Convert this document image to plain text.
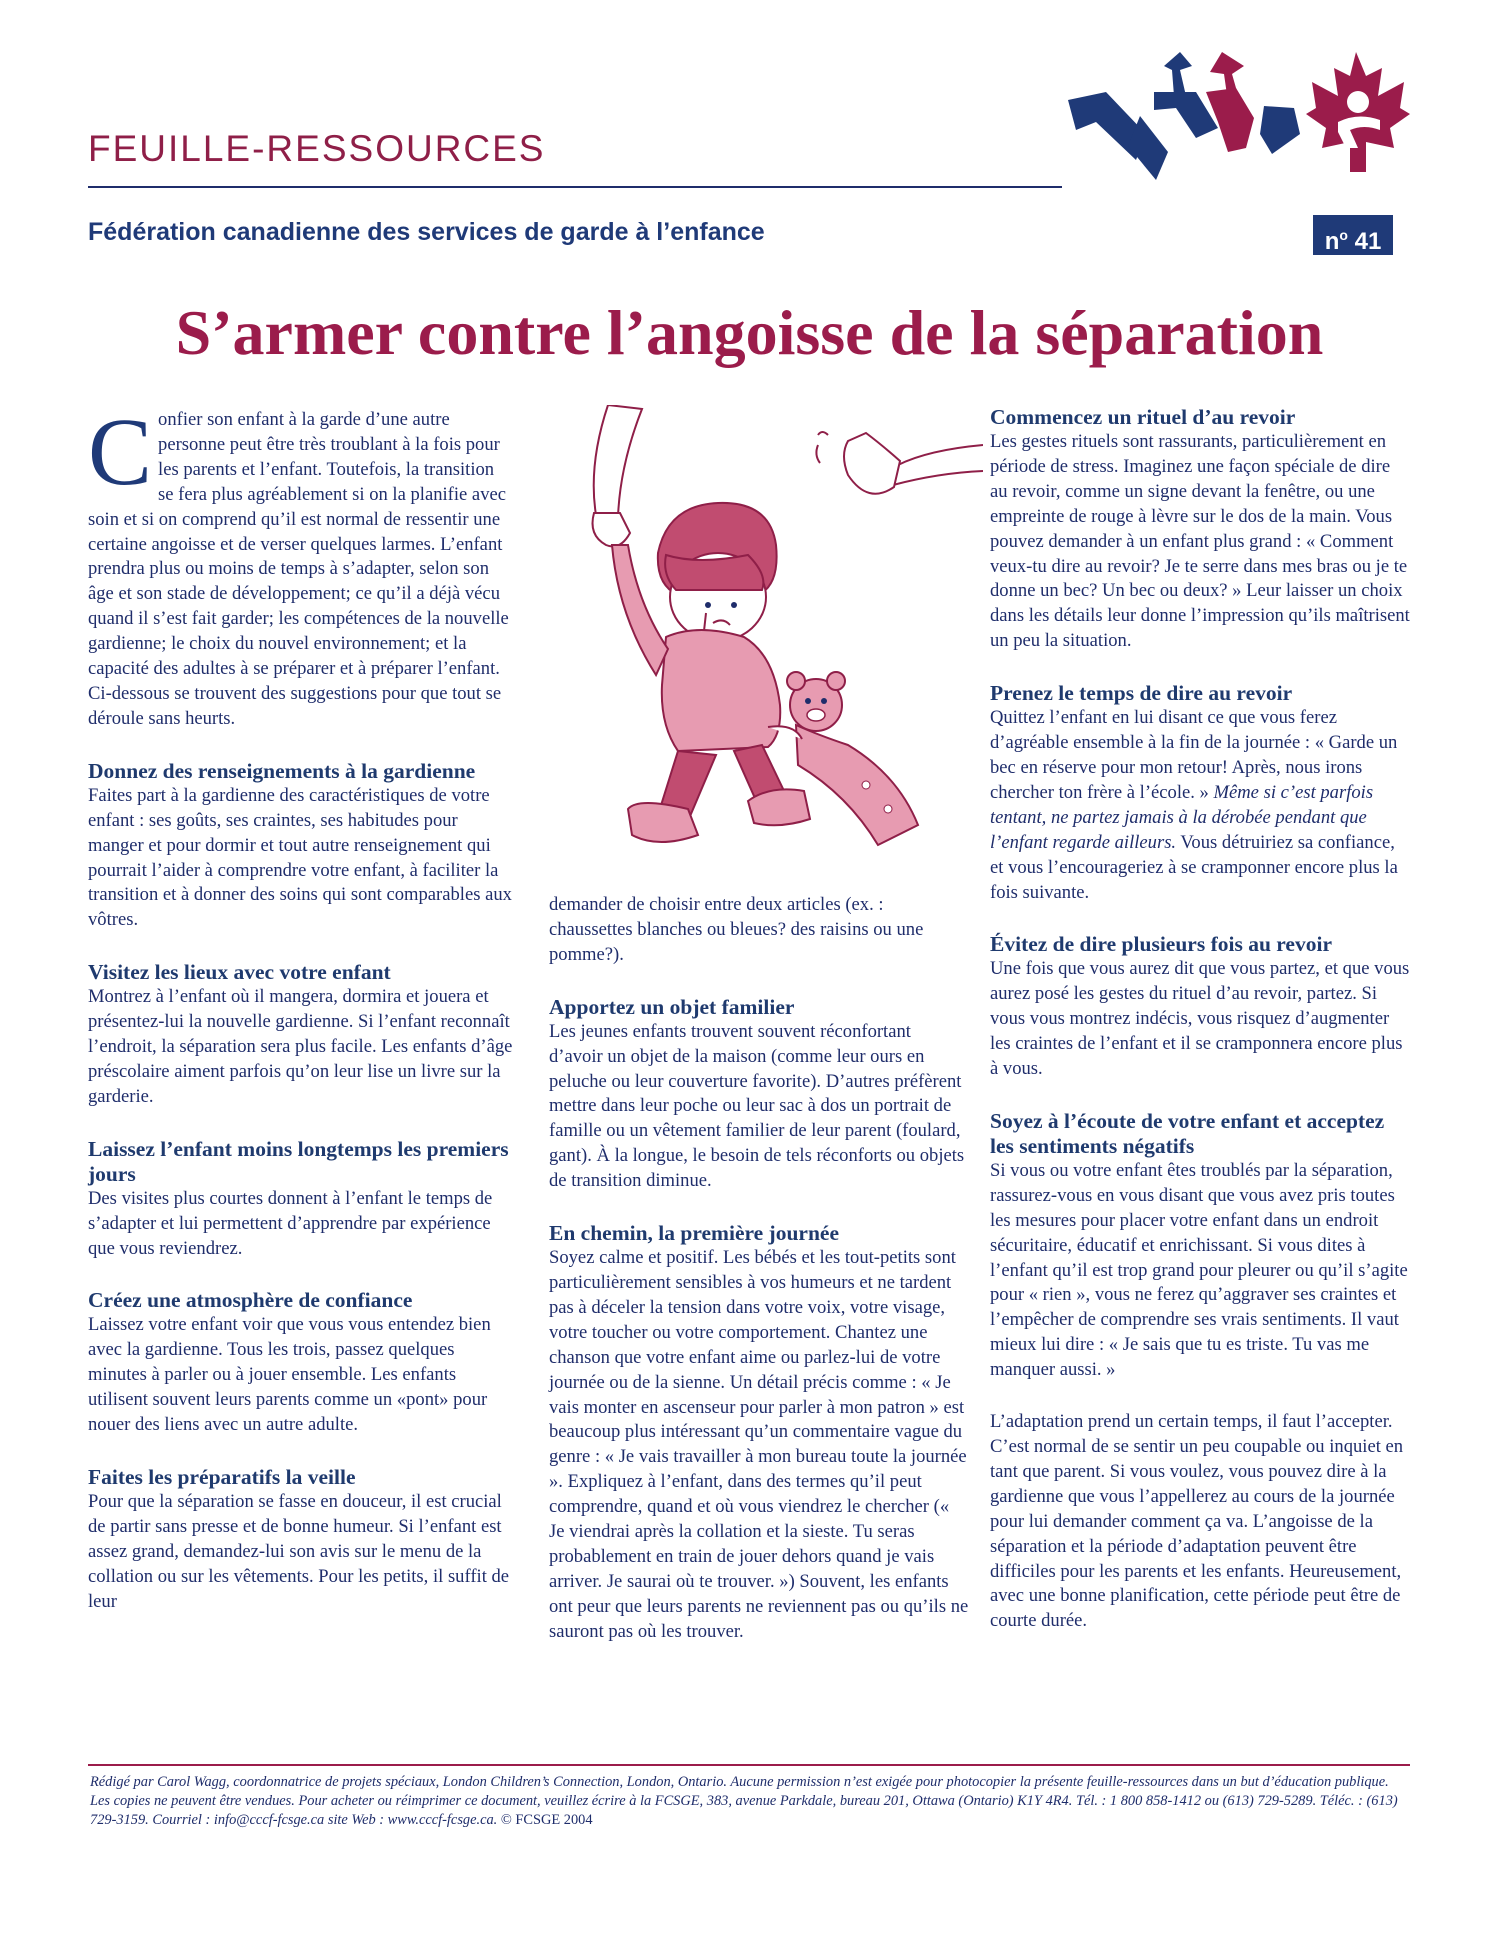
FEUILLE-RESSOURCES
Fédération canadienne des services de garde à l’enfance	$n^o$ 41
S’armer contre l’angoisse de la séparation

Confier son enfant à la garde d’une autre personne peut être très troublant à la fois pour les parents et l’enfant. Toutefois, la transition se fera plus agréablement si on la planifie avec soin et si on comprend qu’il est normal de ressentir une certaine angoisse et de verser quelques larmes. L’enfant prendra plus ou moins de temps à s’adapter, selon son âge et son stade de développement; ce qu’il a déjà vécu quand il s’est fait garder; les compétences de la nouvelle gardienne; le choix du nouvel environnement; et la capacité des adultes à se préparer et à préparer l’enfant. Ci-dessous se trouvent des suggestions pour que tout se déroule sans heurts.

Donnez des renseignements à la gardienne

Faites part à la gardienne des caractéristiques de votre enfant : ses goûts, ses craintes, ses habitudes pour manger et pour dormir et tout autre renseignement qui pourrait l’aider à comprendre votre enfant, à faciliter la transition et à donner des soins qui sont comparables aux vôtres.

Visitez les lieux avec votre enfant

Montrez à l’enfant où il mangera, dormira et jouera et présentez-lui la nouvelle gardienne. Si l’enfant reconnaît l’endroit, la séparation sera plus facile. Les enfants d’âge préscolaire aiment parfois qu’on leur lise un livre sur la garderie.

Laissez l’enfant moins longtemps les premiers jours

Des visites plus courtes donnent à l’enfant le temps de s’adapter et lui permettent d’apprendre par expérience que vous reviendrez.

Créez une atmosphère de confiance

Laissez votre enfant voir que vous vous entendez bien avec la gardienne. Tous les trois, passez quelques minutes à parler ou à jouer ensemble. Les enfants utilisent souvent leurs parents comme un «pont» pour nouer des liens avec un autre adulte.

Faites les préparatifs la veille

Pour que la séparation se fasse en douceur, il est crucial de partir sans presse et de bonne humeur. Si l’enfant est assez grand, demandez-lui son avis sur le menu de la collation ou sur les vêtements. Pour les petits, il suffit de leur

demander de choisir entre deux articles (ex. : chaussettes blanches ou bleues? des raisins ou une pomme?).

Apportez un objet familier

Les jeunes enfants trouvent souvent réconfortant d’avoir un objet de la maison (comme leur ours en peluche ou leur couverture favorite). D’autres préfèrent mettre dans leur poche ou leur sac à dos un portrait de famille ou un vêtement familier de leur parent (foulard, gant). À la longue, le besoin de tels réconforts ou objets de transition diminue.

En chemin, la première journée

Soyez calme et positif. Les bébés et les tout-petits sont particulièrement sensibles à vos humeurs et ne tardent pas à déceler la tension dans votre voix, votre visage, votre toucher ou votre comportement. Chantez une chanson que votre enfant aime ou parlez-lui de votre journée ou de la sienne. Un détail précis comme : « Je vais monter en ascenseur pour parler à mon patron » est beaucoup plus intéressant qu’un commentaire vague du genre : « Je vais travailler à mon bureau toute la journée ». Expliquez à l’enfant, dans des termes qu’il peut comprendre, quand et où vous viendrez le chercher (« Je viendrai après la collation et la sieste. Tu seras probablement en train de jouer dehors quand je vais arriver. Je saurai où te trouver. ») Souvent, les enfants ont peur que leurs parents ne reviennent pas ou qu’ils ne sauront pas où les trouver.

Commencez un rituel d’au revoir

Les gestes rituels sont rassurants, particulièrement en période de stress. Imaginez une façon spéciale de dire au revoir, comme un signe devant la fenêtre, ou une empreinte de rouge à lèvre sur le dos de la main. Vous pouvez demander à un enfant plus grand : « Comment veux-tu dire au revoir? Je te serre dans mes bras ou je te donne un bec? Un bec ou deux? » Leur laisser un choix dans les détails leur donne l’impression qu’ils maîtrisent un peu la situation.

Prenez le temps de dire au revoir

Quittez l’enfant en lui disant ce que vous ferez d’agréable ensemble à la fin de la journée : « Garde un bec en réserve pour mon retour! Après, nous irons chercher ton frère à l’école. » Même si c’est parfois tentant, ne partez jamais à la dérobée pendant que l’enfant regarde ailleurs. Vous détruiriez sa confiance, et vous l’encourageriez à se cramponner encore plus la fois suivante.

Évitez de dire plusieurs fois au revoir

Une fois que vous aurez dit que vous partez, et que vous aurez posé les gestes du rituel d’au revoir, partez. Si vous vous montrez indécis, vous risquez d’augmenter les craintes de l’enfant et il se cramponnera encore plus à vous.

Soyez à l’écoute de votre enfant et acceptez les sentiments négatifs

Si vous ou votre enfant êtes troublés par la séparation, rassurez-vous en vous disant que vous avez pris toutes les mesures pour placer votre enfant dans un endroit sécuritaire, éducatif et enrichissant. Si vous dites à l’enfant qu’il est trop grand pour pleurer ou qu’il s’agite pour « rien », vous ne ferez qu’aggraver ses craintes et l’empêcher de comprendre ses vrais sentiments. Il vaut mieux lui dire : « Je sais que tu es triste. Tu vas me manquer aussi. »

L’adaptation prend un certain temps, il faut l’accepter. C’est normal de se sentir un peu coupable ou inquiet en tant que parent. Si vous voulez, vous pouvez dire à la gardienne que vous l’appellerez au cours de la journée pour lui demander comment ça va. L’angoisse de la séparation et la période d’adaptation peuvent être difficiles pour les parents et les enfants. Heureusement, avec une bonne planification, cette période peut être de courte durée.

Rédigé par Carol Wagg, coordonnatrice de projets spéciaux, London Children’s Connection, London, Ontario. Aucune permission n’est exigée pour photocopier la présente feuille-ressources dans un but d’éducation publique. Les copies ne peuvent être vendues. Pour acheter ou réimprimer ce document, veuillez écrire à la FCSGE, 383, avenue Parkdale, bureau 201, Ottawa (Ontario) K1Y 4R4. Tél. : 1 800 858-1412 ou (613) 729-5289. Téléc. : (613) 729-3159. Courriel : info@cccf-fcsge.ca site Web : www.cccf-fcsge.ca. © FCSGE 2004
